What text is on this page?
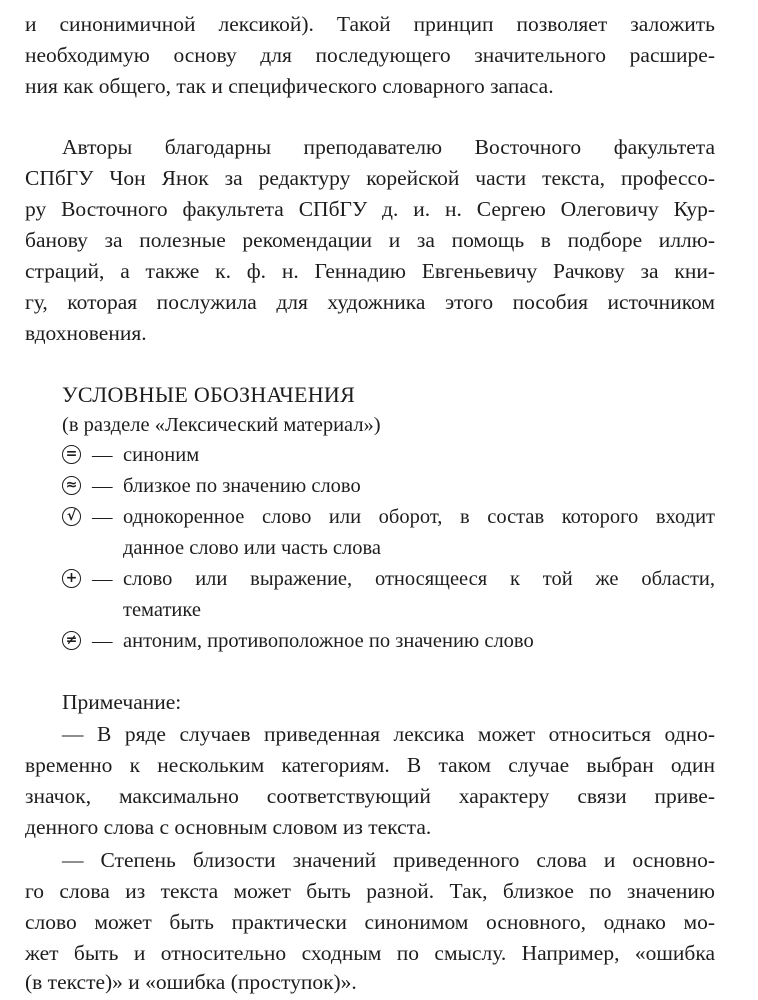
и синонимичной лексикой). Такой принцип позволяет заложить
необходимую основу для последующего значительного расшире-
ния как общего, так и специфического словарного запаса.
Авторы благодарны преподавателю Восточного факультета
СПбГУ Чон Янок за редактуру корейской части текста, профессо-
ру Восточного факультета СПбГУ д. и. н. Сергею Олеговичу Кур-
банову за полезные рекомендации и за помощь в подборе иллю-
страций, а также к. ф. н. Геннадию Евгеньевичу Рачкову за кни-
гу, которая послужила для художника этого пособия источником
вдохновения.
УСЛОВНЫЕ ОБОЗНАЧЕНИЯ
(в разделе «Лексический материал»)
= — синоним
≈ — близкое по значению слово
√ — однокоренное слово или оборот, в состав которого входит
данное слово или часть слова
+ — слово или выражение, относящееся к той же области,
тематике
≠ — антоним, противоположное по значению слово
Примечание:
— В ряде случаев приведенная лексика может относиться одно-
временно к нескольким категориям. В таком случае выбран один
значок, максимально соответствующий характеру связи приве-
денного слова с основным словом из текста.
— Степень близости значений приведенного слова и основно-
го слова из текста может быть разной. Так, близкое по значению
слово может быть практически синонимом основного, однако мо-
жет быть и относительно сходным по смыслу. Например, «ошибка
(в тексте)» и «ошибка (проступок)».
